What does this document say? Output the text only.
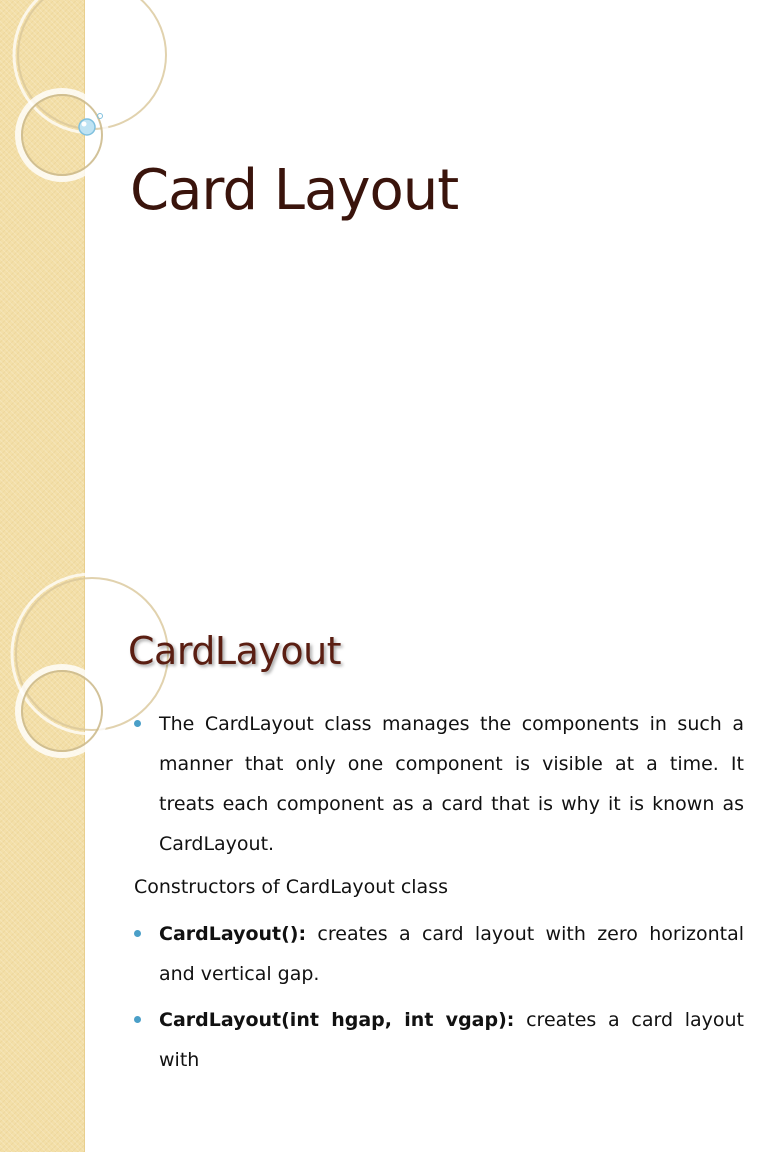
Card Layout
CardLayout
The CardLayout class manages the components in such a manner that only one component is visible at a time. It treats each component as a card that is why it is known as CardLayout.
Constructors of CardLayout class
CardLayout(): creates a card layout with zero horizontal and vertical gap.
CardLayout(int hgap, int vgap): creates a card layout with
